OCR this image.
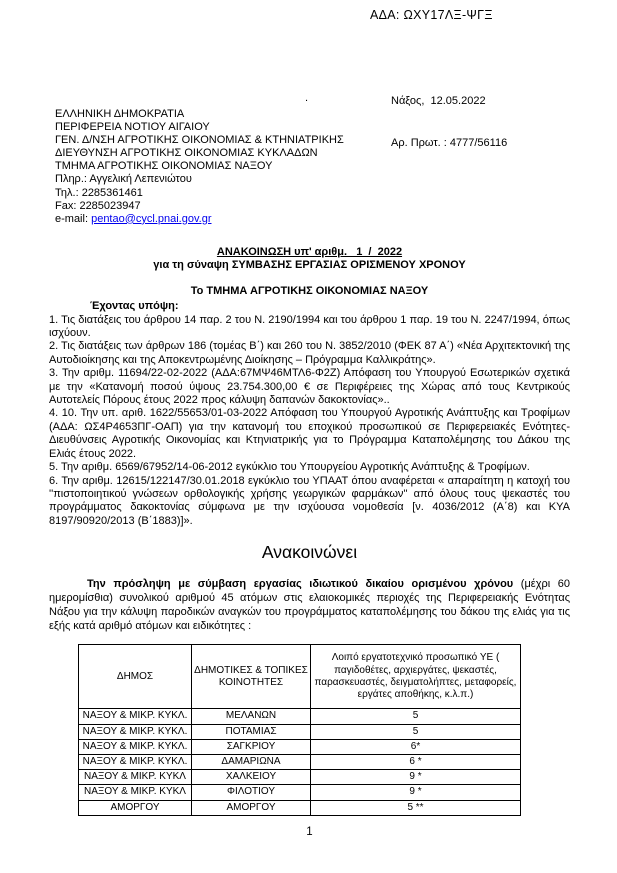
ΑΔΑ: ΩΧΥ17ΛΞ-ΨΓΞ

Νάξος,  12.05.2022

Αρ. Πρωτ. : 4777/56116

.
ΕΛΛΗΝΙΚΗ ΔΗΜΟΚΡΑΤΙΑ
ΠΕΡΙΦΕΡΕΙΑ ΝΟΤΙΟΥ ΑΙΓΑΙΟΥ
ΓΕΝ. Δ/ΝΣΗ ΑΓΡΟΤΙΚΗΣ ΟΙΚΟΝΟΜΙΑΣ & ΚΤΗΝΙΑΤΡΙΚΗΣ
ΔΙΕΥΘΥΝΣΗ ΑΓΡΟΤΙΚΗΣ ΟΙΚΟΝΟΜΙΑΣ ΚΥΚΛΑΔΩΝ
ΤΜΗΜΑ ΑΓΡΟΤΙΚΗΣ ΟΙΚΟΝΟΜΙΑΣ ΝΑΞΟΥ
Πληρ.: Αγγελική Λεπενιώτου
Τηλ.: 2285361461
Fax: 2285023947
e-mail: pentao@cycl.pnai.gov.gr
ΑΝΑΚΟΙΝΩΣΗ υπ' αριθμ.   1  /  2022
για τη σύναψη ΣΥΜΒΑΣΗΣ ΕΡΓΑΣΙΑΣ ΟΡΙΣΜΕΝΟΥ ΧΡΟΝΟΥ
Το ΤΜΗΜΑ ΑΓΡΟΤΙΚΗΣ ΟΙΚΟΝΟΜΙΑΣ ΝΑΞΟΥ
Έχοντας υπόψη:

1. Τις διατάξεις του άρθρου 14 παρ. 2 του Ν. 2190/1994 και του άρθρου 1 παρ. 19 του Ν. 2247/1994, όπως ισχύουν.

2. Τις διατάξεις των άρθρων 186 (τομέας Β΄) και 260 του Ν. 3852/2010 (ΦΕΚ 87 Α΄) «Νέα Αρχιτεκτονική της Αυτοδιοίκησης και της Αποκεντρωμένης Διοίκησης – Πρόγραμμα Καλλικράτης».

3. Την αριθμ. 11694/22-02-2022 (ΑΔΑ:67ΜΨ46ΜΤΛ6-Φ2Ζ) Απόφαση του Υπουργού Εσωτερικών σχετικά με την «Κατανομή ποσού ύψους 23.754.300,00 € σε Περιφέρειες της Χώρας από τους Κεντρικούς Αυτοτελείς Πόρους έτους 2022 προς κάλυψη δαπανών δακοκτονίας»..

4. 10. Την υπ. αριθ. 1622/55653/01-03-2022 Απόφαση του Υπουργού Αγροτικής Ανάπτυξης και Τροφίμων (ΑΔΑ: ΩΣ4Ρ4653ΠΓ-ΟΑΠ) για την κατανομή του εποχικού προσωπικού σε Περιφερειακές Ενότητες-Διευθύνσεις Αγροτικής Οικονομίας και Κτηνιατρικής για το Πρόγραμμα Καταπολέμησης του Δάκου της Ελιάς έτους 2022.

5. Την αριθμ. 6569/67952/14-06-2012 εγκύκλιο του Υπουργείου Αγροτικής Ανάπτυξης & Τροφίμων.

6. Την αριθμ. 12615/122147/30.01.2018 εγκύκλιο του ΥΠΑΑΤ όπου αναφέρεται « απαραίτητη η κατοχή του ''πιστοποιητικού γνώσεων ορθολογικής χρήσης γεωργικών φαρμάκων'' από όλους τους ψεκαστές του προγράμματος δακοκτονίας σύμφωνα με την ισχύουσα νομοθεσία [ν. 4036/2012 (Α΄8) και ΚΥΑ 8197/90920/2013 (Β΄1883)]».

Ανακοινώνει

Την πρόσληψη με σύμβαση εργασίας ιδιωτικού δικαίου ορισμένου χρόνου (μέχρι 60 ημερομίσθια) συνολικού αριθμού 45 ατόμων στις ελαιοκομικές περιοχές της Περιφερειακής Ενότητας Νάξου για την κάλυψη παροδικών αναγκών του προγράμματος καταπολέμησης του δάκου της ελιάς για τις εξής κατά αριθμό ατόμων και ειδικότητες :

ΔΗΜΟΣ	ΔΗΜΟΤΙΚΕΣ & ΤΟΠΙΚΕΣ ΚΟΙΝΟΤΗΤΕΣ	Λοιπό εργατοτεχνικό προσωπικό ΥΕ ( παγιδοθέτες, αρχιεργάτες, ψεκαστές, παρασκευαστές, δειγματολήπτες, μεταφορείς, εργάτες αποθήκης, κ.λ.π.)
ΝΑΞΟΥ & ΜΙΚΡ. ΚΥΚΛ.	ΜΕΛΑΝΩΝ	5
ΝΑΞΟΥ & ΜΙΚΡ. ΚΥΚΛ.	ΠΟΤΑΜΙΑΣ	5
ΝΑΞΟΥ & ΜΙΚΡ. ΚΥΚΛ.	ΣΑΓΚΡΙΟΥ	6*
ΝΑΞΟΥ & ΜΙΚΡ. ΚΥΚΛ.	ΔΑΜΑΡΙΩΝΑ	6 *
ΝΑΞΟΥ & ΜΙΚΡ. ΚΥΚΛ	ΧΑΛΚΕΙΟΥ	9 *
ΝΑΞΟΥ & ΜΙΚΡ. ΚΥΚΛ	ΦΙΛΟΤΙΟΥ	9 *
ΑΜΟΡΓΟΥ	ΑΜΟΡΓΟΥ	5 **
1
